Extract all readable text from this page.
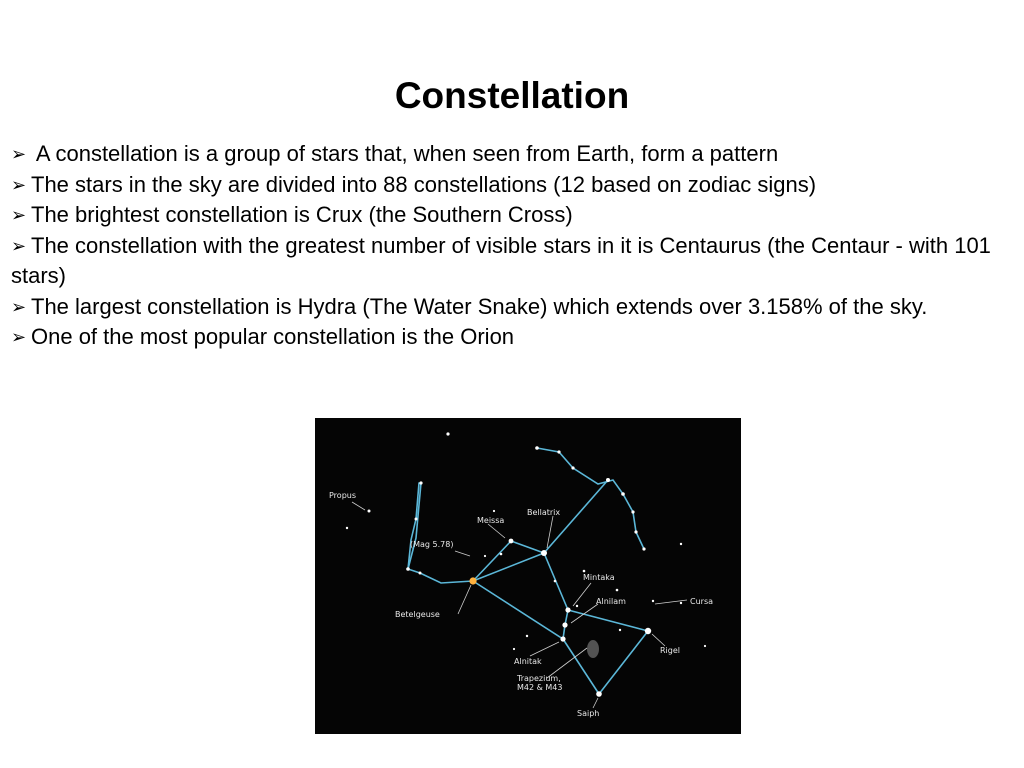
Constellation
➢ A constellation is a group of stars that, when seen from Earth, form a pattern
➢ The stars in the sky are divided into 88 constellations (12 based on zodiac signs)
➢ The brightest constellation is Crux (the Southern Cross)
➢ The constellation with the greatest number of visible stars in it is Centaurus (the Centaur - with 101 stars)
➢ The largest constellation is Hydra (The Water Snake) which extends over 3.158% of the sky.
➢ One of the most popular constellation is the Orion
Propus
Meissa
Bellatrix
(Mag 5.78)
Mintaka
Alnilam	Cursa
Betelgeuse
Rigel
Alnitak
Trapezium,
M42 & M43
Saiph
